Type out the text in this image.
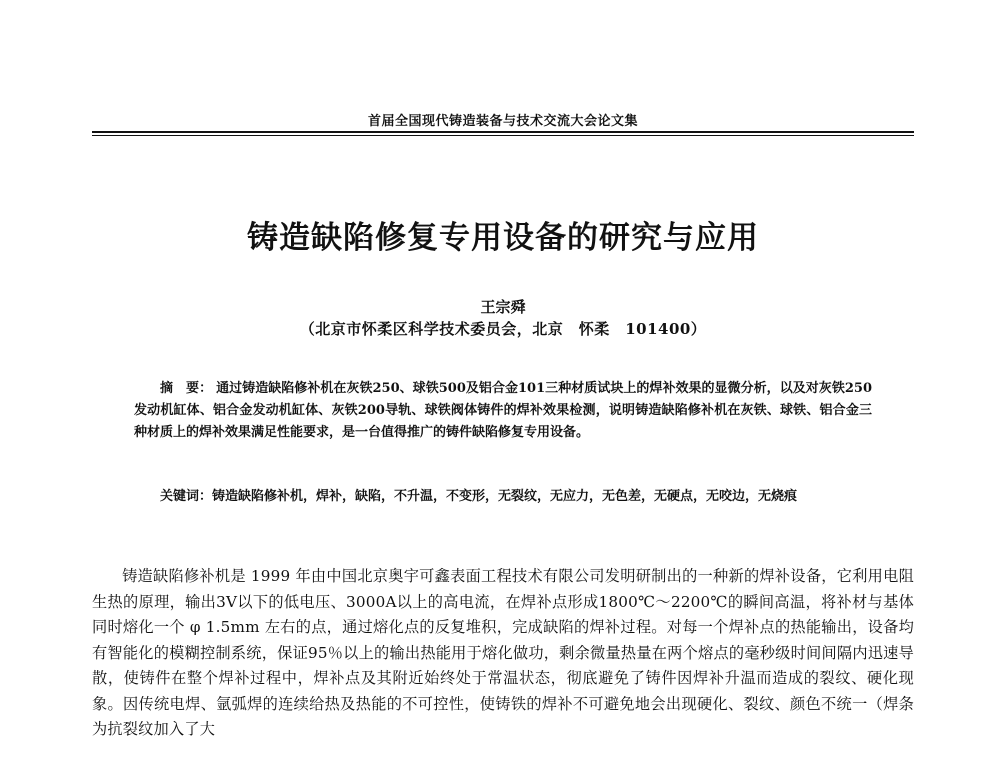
首届全国现代铸造装备与技术交流大会论文集
铸造缺陷修复专用设备的研究与应用
王宗舜
（北京市怀柔区科学技术委员会，北京　怀柔　101400）
摘　要： 通过铸造缺陷修补机在灰铁250、球铁500及铝合金101三种材质试块上的焊补效果的显微分析，以及对灰铁250发动机缸体、铝合金发动机缸体、灰铁200导轨、球铁阀体铸件的焊补效果检测，说明铸造缺陷修补机在灰铁、球铁、铝合金三种材质上的焊补效果满足性能要求，是一台值得推广的铸件缺陷修复专用设备。
关键词：铸造缺陷修补机，焊补，缺陷，不升温，不变形，无裂纹，无应力，无色差，无硬点，无咬边，无烧痕
铸造缺陷修补机是 1999 年由中国北京奥宇可鑫表面工程技术有限公司发明研制出的一种新的焊补设备，它利用电阻生热的原理，输出3V以下的低电压、3000A以上的高电流，在焊补点形成1800℃～2200℃的瞬间高温，将补材与基体同时熔化一个 φ 1.5mm 左右的点，通过熔化点的反复堆积，完成缺陷的焊补过程。对每一个焊补点的热能输出，设备均有智能化的模糊控制系统，保证95％以上的输出热能用于熔化做功，剩余微量热量在两个熔点的毫秒级时间间隔内迅速导散，使铸件在整个焊补过程中，焊补点及其附近始终处于常温状态，彻底避免了铸件因焊补升温而造成的裂纹、硬化现象。因传统电焊、氩弧焊的连续给热及热能的不可控性，使铸铁的焊补不可避免地会出现硬化、裂纹、颜色不统一（焊条为抗裂纹加入了大
